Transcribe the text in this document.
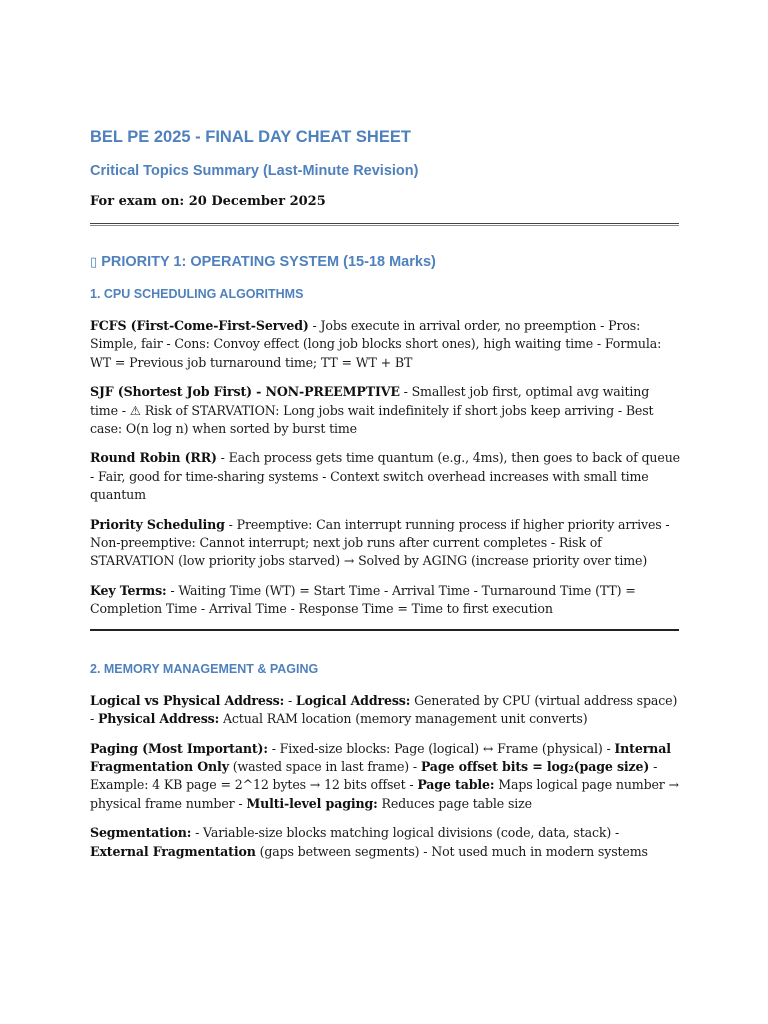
BEL PE 2025 - FINAL DAY CHEAT SHEET
Critical Topics Summary (Last-Minute Revision)
For exam on: 20 December 2025
▯ PRIORITY 1: OPERATING SYSTEM (15-18 Marks)
1. CPU SCHEDULING ALGORITHMS

FCFS (First-Come-First-Served) - Jobs execute in arrival order, no preemption - Pros: Simple, fair - Cons: Convoy effect (long job blocks short ones), high waiting time - Formula: WT = Previous job turnaround time; TT = WT + BT

SJF (Shortest Job First) - NON-PREEMPTIVE - Smallest job first, optimal avg waiting time - ⚠ Risk of STARVATION: Long jobs wait indefinitely if short jobs keep arriving - Best case: O(n log n) when sorted by burst time

Round Robin (RR) - Each process gets time quantum (e.g., 4ms), then goes to back of queue - Fair, good for time-sharing systems - Context switch overhead increases with small time quantum

Priority Scheduling - Preemptive: Can interrupt running process if higher priority arrives - Non-preemptive: Cannot interrupt; next job runs after current completes - Risk of STARVATION (low priority jobs starved) → Solved by AGING (increase priority over time)

Key Terms: - Waiting Time (WT) = Start Time - Arrival Time - Turnaround Time (TT) = Completion Time - Arrival Time - Response Time = Time to first execution

2. MEMORY MANAGEMENT & PAGING

Logical vs Physical Address: - Logical Address: Generated by CPU (virtual address space) - Physical Address: Actual RAM location (memory management unit converts)

Paging (Most Important): - Fixed-size blocks: Page (logical) ↔ Frame (physical) - Internal Fragmentation Only (wasted space in last frame) - Page offset bits = log₂(page size) - Example: 4 KB page = 2^12 bytes → 12 bits offset - Page table: Maps logical page number → physical frame number - Multi-level paging: Reduces page table size

Segmentation: - Variable-size blocks matching logical divisions (code, data, stack) - External Fragmentation (gaps between segments) - Not used much in modern systems
